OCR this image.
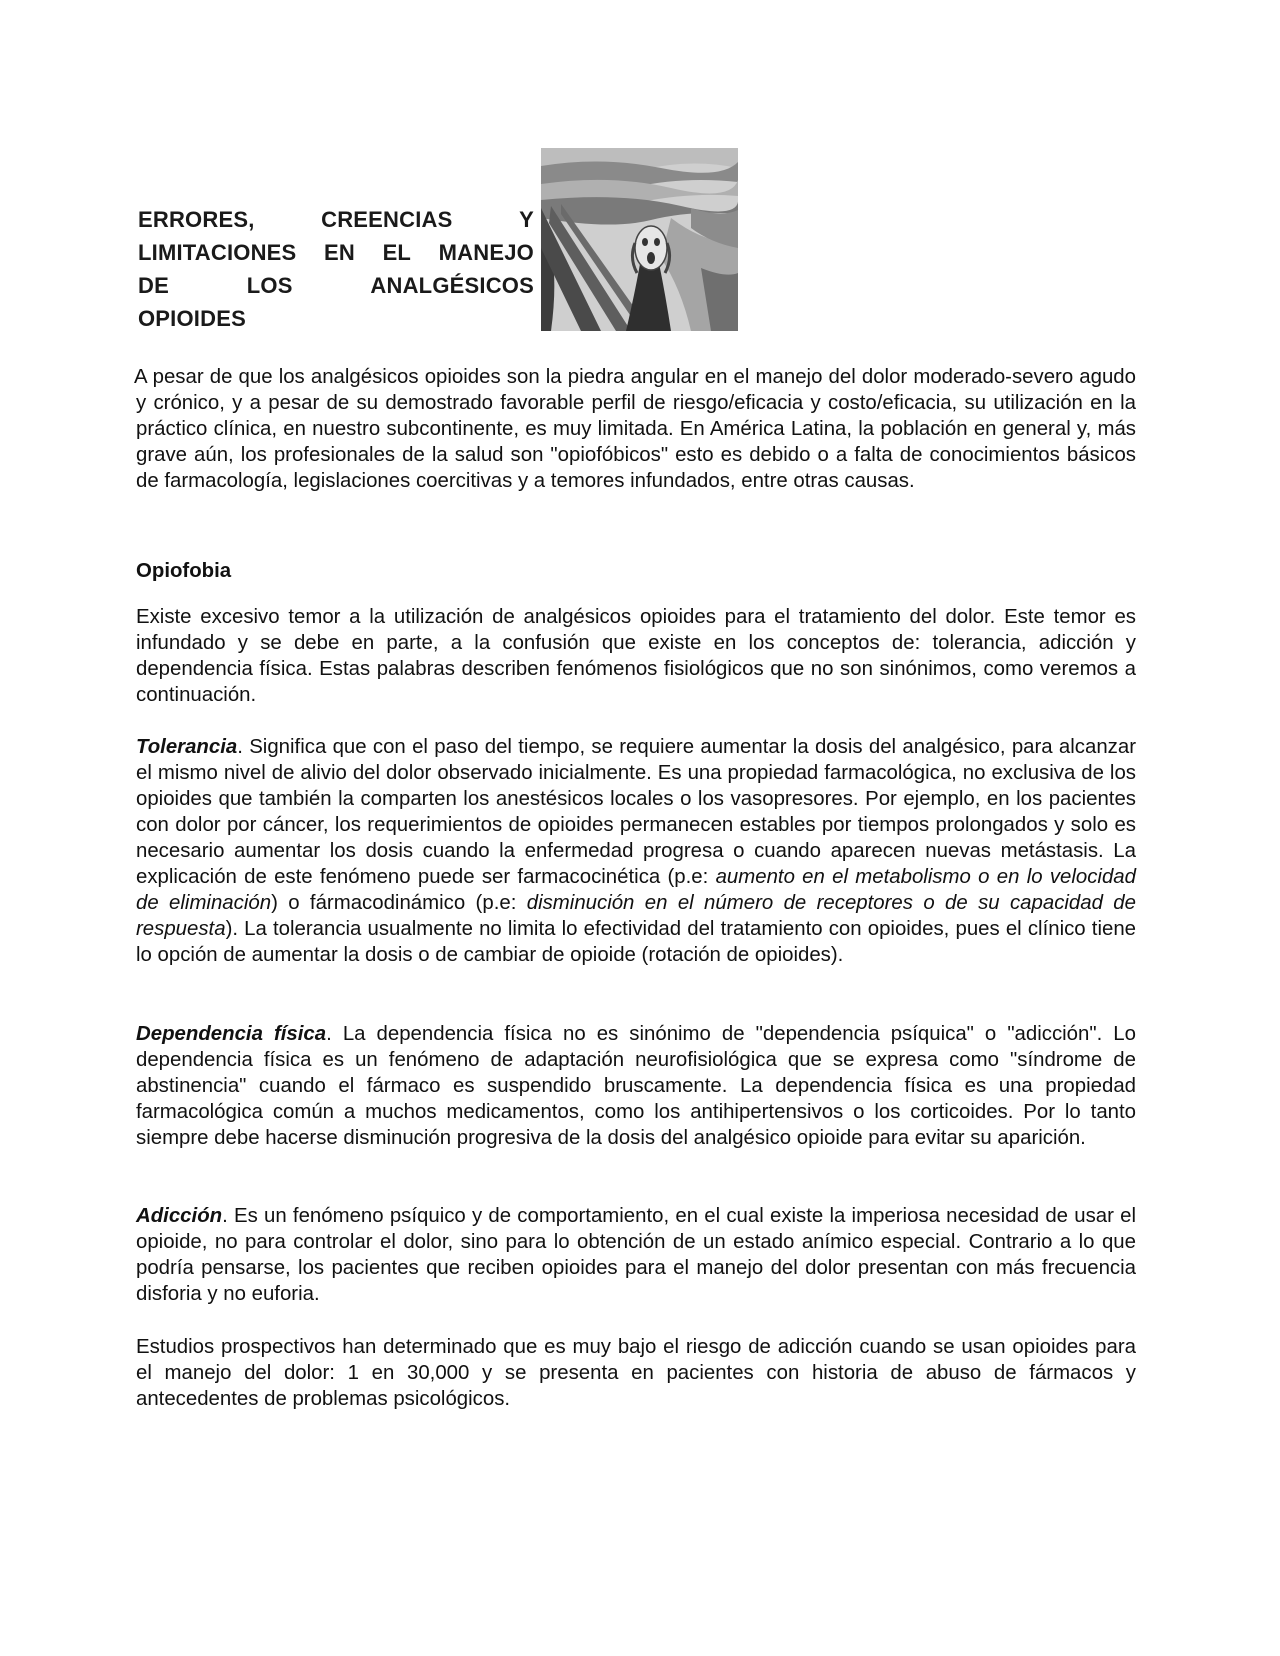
ERRORES,	CREENCIAS	Y
LIMITACIONES EN EL MANEJO
DE	LOS	ANALGÉSICOS
OPIOIDES

A pesar de que los analgésicos opioides son la piedra angular en el manejo del dolor moderado-severo agudo y crónico, y a pesar de su demostrado favorable perfil de riesgo/eficacia y costo/eficacia, su utilización en la práctico clínica, en nuestro subcontinente, es muy limitada. En América Latina, la población en general y, más grave aún, los profesionales de la salud son "opiofóbicos" esto es debido o a falta de conocimientos básicos de farmacología, legislaciones coercitivas y a temores infundados, entre otras causas.

Opiofobia

Existe excesivo temor a la utilización de analgésicos opioides para el tratamiento del dolor. Este temor es infundado y se debe en parte, a la confusión que existe en los conceptos de: tolerancia, adicción y dependencia física. Estas palabras describen fenómenos fisiológicos que no son sinónimos, como veremos a continuación.

Tolerancia. Significa que con el paso del tiempo, se requiere aumentar la dosis del analgésico, para alcanzar el mismo nivel de alivio del dolor observado inicialmente. Es una propiedad farmacológica, no exclusiva de los opioides que también la comparten los anestésicos locales o los vasopresores. Por ejemplo, en los pacientes con dolor por cáncer, los requerimientos de opioides permanecen estables por tiempos prolongados y solo es necesario aumentar los dosis cuando la enfermedad progresa o cuando aparecen nuevas metástasis. La explicación de este fenómeno puede ser farmacocinética (p.e: aumento en el metabolismo o en lo velocidad de eliminación) o fármacodinámico (p.e: disminución en el número de receptores o de su capacidad de respuesta). La tolerancia usualmente no limita lo efectividad del tratamiento con opioides, pues el clínico tiene lo opción de aumentar la dosis o de cambiar de opioide (rotación de opioides).

Dependencia física. La dependencia física no es sinónimo de "dependencia psíquica" o "adicción". Lo dependencia física es un fenómeno de adaptación neurofisiológica que se expresa como "síndrome de abstinencia" cuando el fármaco es suspendido bruscamente. La dependencia física es una propiedad farmacológica común a muchos medicamentos, como los antihipertensivos o los corticoides. Por lo tanto siempre debe hacerse disminución progresiva de la dosis del analgésico opioide para evitar su aparición.

Adicción. Es un fenómeno psíquico y de comportamiento, en el cual existe la imperiosa necesidad de usar el opioide, no para controlar el dolor, sino para lo obtención de un estado anímico especial. Contrario a lo que podría pensarse, los pacientes que reciben opioides para el manejo del dolor presentan con más frecuencia disforia y no euforia.

Estudios prospectivos han determinado que es muy bajo el riesgo de adicción cuando se usan opioides para el manejo del dolor: 1 en 30,000 y se presenta en pacientes con historia de abuso de fármacos y antecedentes de problemas psicológicos.
